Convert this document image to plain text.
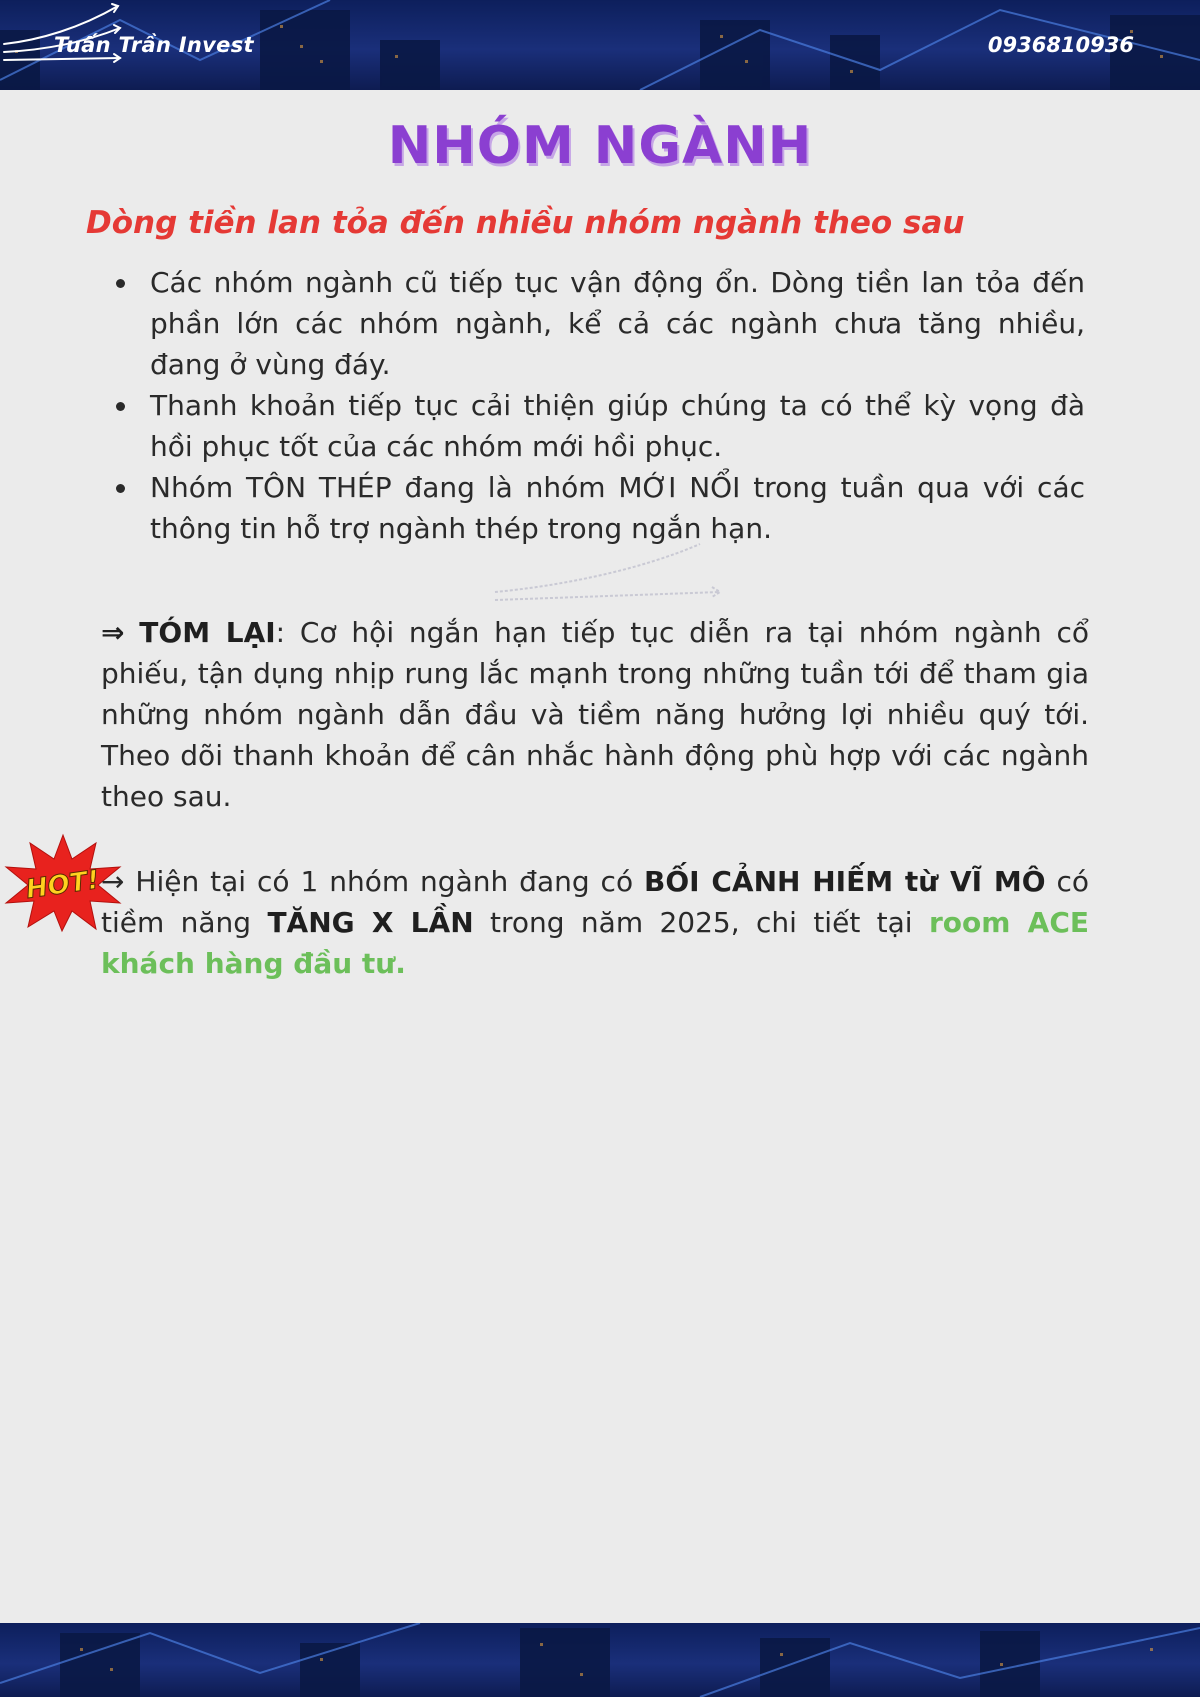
Tuấn Trần Invest	0936810936
NHÓM NGÀNH
Dòng tiền lan tỏa đến nhiều nhóm ngành theo sau
Các nhóm ngành cũ tiếp tục vận động ổn. Dòng tiền lan tỏa đến phần lớn các nhóm ngành, kể cả các ngành chưa tăng nhiều, đang ở vùng đáy.
Thanh khoản tiếp tục cải thiện giúp chúng ta có thể kỳ vọng đà hồi phục tốt của các nhóm mới hồi phục.
Nhóm TÔN THÉP đang là nhóm MỚI NỔI trong tuần qua với các thông tin hỗ trợ ngành thép trong ngắn hạn.

⇒ TÓM LẠI: Cơ hội ngắn hạn tiếp tục diễn ra tại nhóm ngành cổ phiếu, tận dụng nhịp rung lắc mạnh trong những tuần tới để tham gia những nhóm ngành dẫn đầu và tiềm năng hưởng lợi nhiều quý tới. Theo dõi thanh khoản để cân nhắc hành động phù hợp với các ngành theo sau.

HOT! → Hiện tại có 1 nhóm ngành đang có BỐI CẢNH HIẾM từ VĨ MÔ có tiềm năng TĂNG X LẦN trong năm 2025, chi tiết tại room ACE khách hàng đầu tư.
